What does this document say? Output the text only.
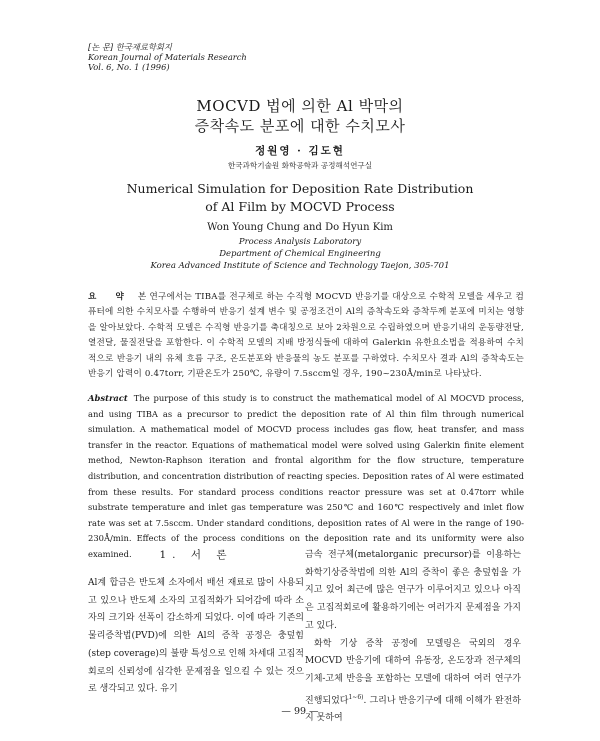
[논 문] 한국재료학회지
Korean Journal of Materials Research
Vol. 6, No. 1 (1996)
MOCVD 법에 의한 Al 박막의
증착속도 분포에 대한 수치모사
정원영 · 김도현
한국과학기술원 화학공학과 공정해석연구실
Numerical Simulation for Deposition Rate Distribution
of Al Film by MOCVD Process
Won Young Chung and Do Hyun Kim
Process Analysis Laboratory
Department of Chemical Engineering
Korea Advanced Institute of Science and Technology Taejon, 305-701
요 약 본 연구에서는 TIBA를 전구체로 하는 수직형 MOCVD 반응기를 대상으로 수학적 모델을 세우고 컴퓨터에 의한 수치모사를 수행하여 반응기 설계 변수 및 공정조건이 Al의 증착속도와 증착두께 분포에 미치는 영향을 알아보았다. 수학적 모델은 수직형 반응기를 축대칭으로 보아 2차원으로 수립하였으며 반응기내의 운동량전달, 열전달, 물질전달을 포함한다. 이 수학적 모델의 지배 방정식들에 대하여 Galerkin 유한요소법을 적용하여 수치적으로 반응기 내의 유체 흐름 구조, 온도분포와 반응물의 농도 분포를 구하였다. 수치모사 결과 Al의 증착속도는 반응기 압력이 0.47torr, 기판온도가 250℃, 유량이 7.5sccm일 경우, 190~230Å/min로 나타났다.
Abstract The purpose of this study is to construct the mathematical model of Al MOCVD process, and using TIBA as a precursor to predict the deposition rate of Al thin film through numerical simulation. A mathematical model of MOCVD process includes gas flow, heat transfer, and mass transfer in the reactor. Equations of mathematical model were solved using Galerkin finite element method, Newton-Raphson iteration and frontal algorithm for the flow structure, temperature distribution, and concentration distribution of reacting species. Deposition rates of Al were estimated from these results. For standard process conditions reactor pressure was set at 0.47torr while substrate temperature and inlet gas temperature was 250℃ and 160℃ respectively and inlet flow rate was set at 7.5sccm. Under standard conditions, deposition rates of Al were in the range of 190-230Å/min. Effects of the process conditions on the deposition rate and its uniformity were also examined.	1. 서 론
Al계 합금은 반도체 소자에서 배선 재료로 많이 사용되고 있으나 반도체 소자의 고집적화가 되어감에 따라 소자의 크기와 선폭이 감소하게 되었다. 이에 따라 기존의 물리증착법(PVD)에 의한 Al의 증착 공정은 충덮힘(step coverage)의 불량 특성으로 인해 차세대 고집적회로의 신뢰성에 심각한 문제점을 일으킬 수 있는 것으로 생각되고 있다. 유기
금속 전구체(metalorganic precursor)를 이용하는 화학기상증착법에 의한 Al의 증착이 좋은 충덮힘을 가지고 있어 최근에 많은 연구가 이루어지고 있으나 아직은 고집적회로에 활용하기에는 여러가지 문제점을 가지고 있다.
화학 기상 증착 공정에 모델링은 국외의 경우 MOCVD 반응기에 대하여 유동장, 온도장과 전구체의 기체-고체 반응을 포함하는 모델에 대하여 여러 연구가 진행되었다$^{1\sim 6)}$. 그리나 반응기구에 대해 이해가 완전하지 못하여
— 99 —
